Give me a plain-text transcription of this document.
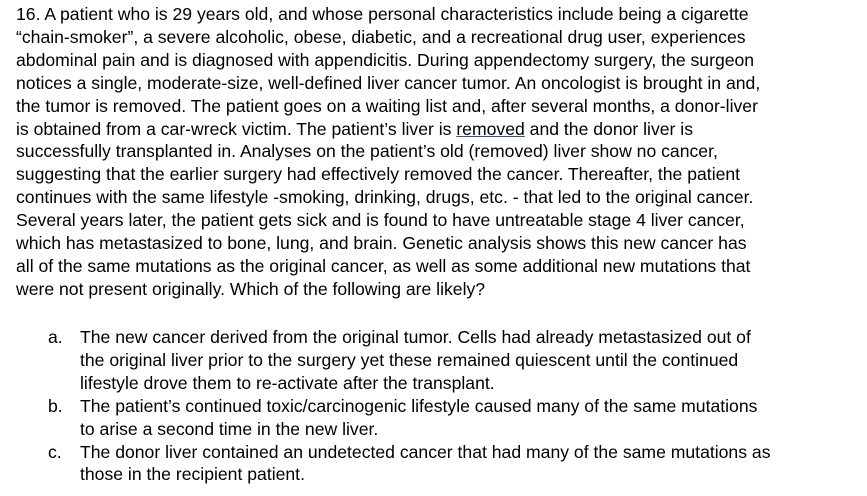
16. A patient who is 29 years old, and whose personal characteristics include being a cigarette
“chain-smoker”, a severe alcoholic, obese, diabetic, and a recreational drug user, experiences
abdominal pain and is diagnosed with appendicitis. During appendectomy surgery, the surgeon
notices a single, moderate-size, well-defined liver cancer tumor. An oncologist is brought in and,
the tumor is removed. The patient goes on a waiting list and, after several months, a donor-liver
is obtained from a car-wreck victim. The patient’s liver is removed and the donor liver is
successfully transplanted in. Analyses on the patient’s old (removed) liver show no cancer,
suggesting that the earlier surgery had effectively removed the cancer. Thereafter, the patient
continues with the same lifestyle -smoking, drinking, drugs, etc. - that led to the original cancer.
Several years later, the patient gets sick and is found to have untreatable stage 4 liver cancer,
which has metastasized to bone, lung, and brain. Genetic analysis shows this new cancer has
all of the same mutations as the original cancer, as well as some additional new mutations that
were not present originally. Which of the following are likely?

a. The new cancer derived from the original tumor. Cells had already metastasized out of
the original liver prior to the surgery yet these remained quiescent until the continued
lifestyle drove them to re-activate after the transplant.
b. The patient’s continued toxic/carcinogenic lifestyle caused many of the same mutations
to arise a second time in the new liver.
c. The donor liver contained an undetected cancer that had many of the same mutations as
those in the recipient patient.
